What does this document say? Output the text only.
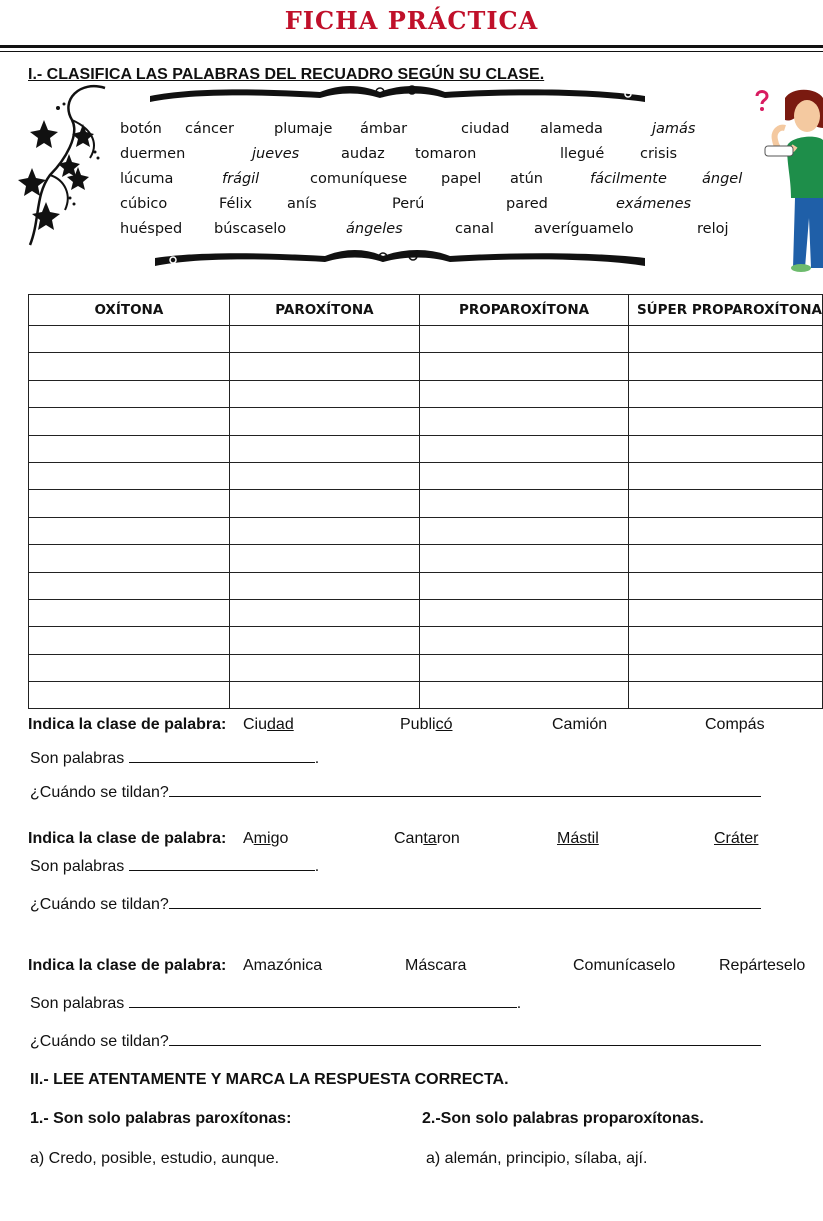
FICHA PRÁCTICA
I.- CLASIFICA LAS PALABRAS DEL RECUADRO SEGÚN SU CLASE.
botón cáncer	plumaje ámbar	ciudad alameda	jamás
duermen	jueves	audaz tomaron	llegué crisis
lúcuma	frágil	comuníquese papel atún	fácilmente ángel
cúbico	Félix anís	Perú	pared	exámenes
huésped búscaselo	ángeles	canal	averíguamelo	reloj
OXÍTONA	PAROXÍTONA	PROPAROXÍTONA	SÚPER PROPAROXÍTONA

Indica la clase de palabra: Ciudad	Publicó	Camión	Compás
Son palabras	.
¿Cuándo se tildan?
Indica la clase de palabra: Amigo	Cantaron	Mástil	Cráter
Son palabras	.
¿Cuándo se tildan?
Indica la clase de palabra: Amazónica	Máscara	Comunícaselo	Repárteselo
Son palabras	.
¿Cuándo se tildan?
II.- LEE ATENTAMENTE Y MARCA LA RESPUESTA CORRECTA.
1.- Son solo palabras paroxítonas:	2.-Son solo palabras proparoxítonas.
a) Credo, posible, estudio, aunque.	a) alemán, principio, sílaba, ají.
